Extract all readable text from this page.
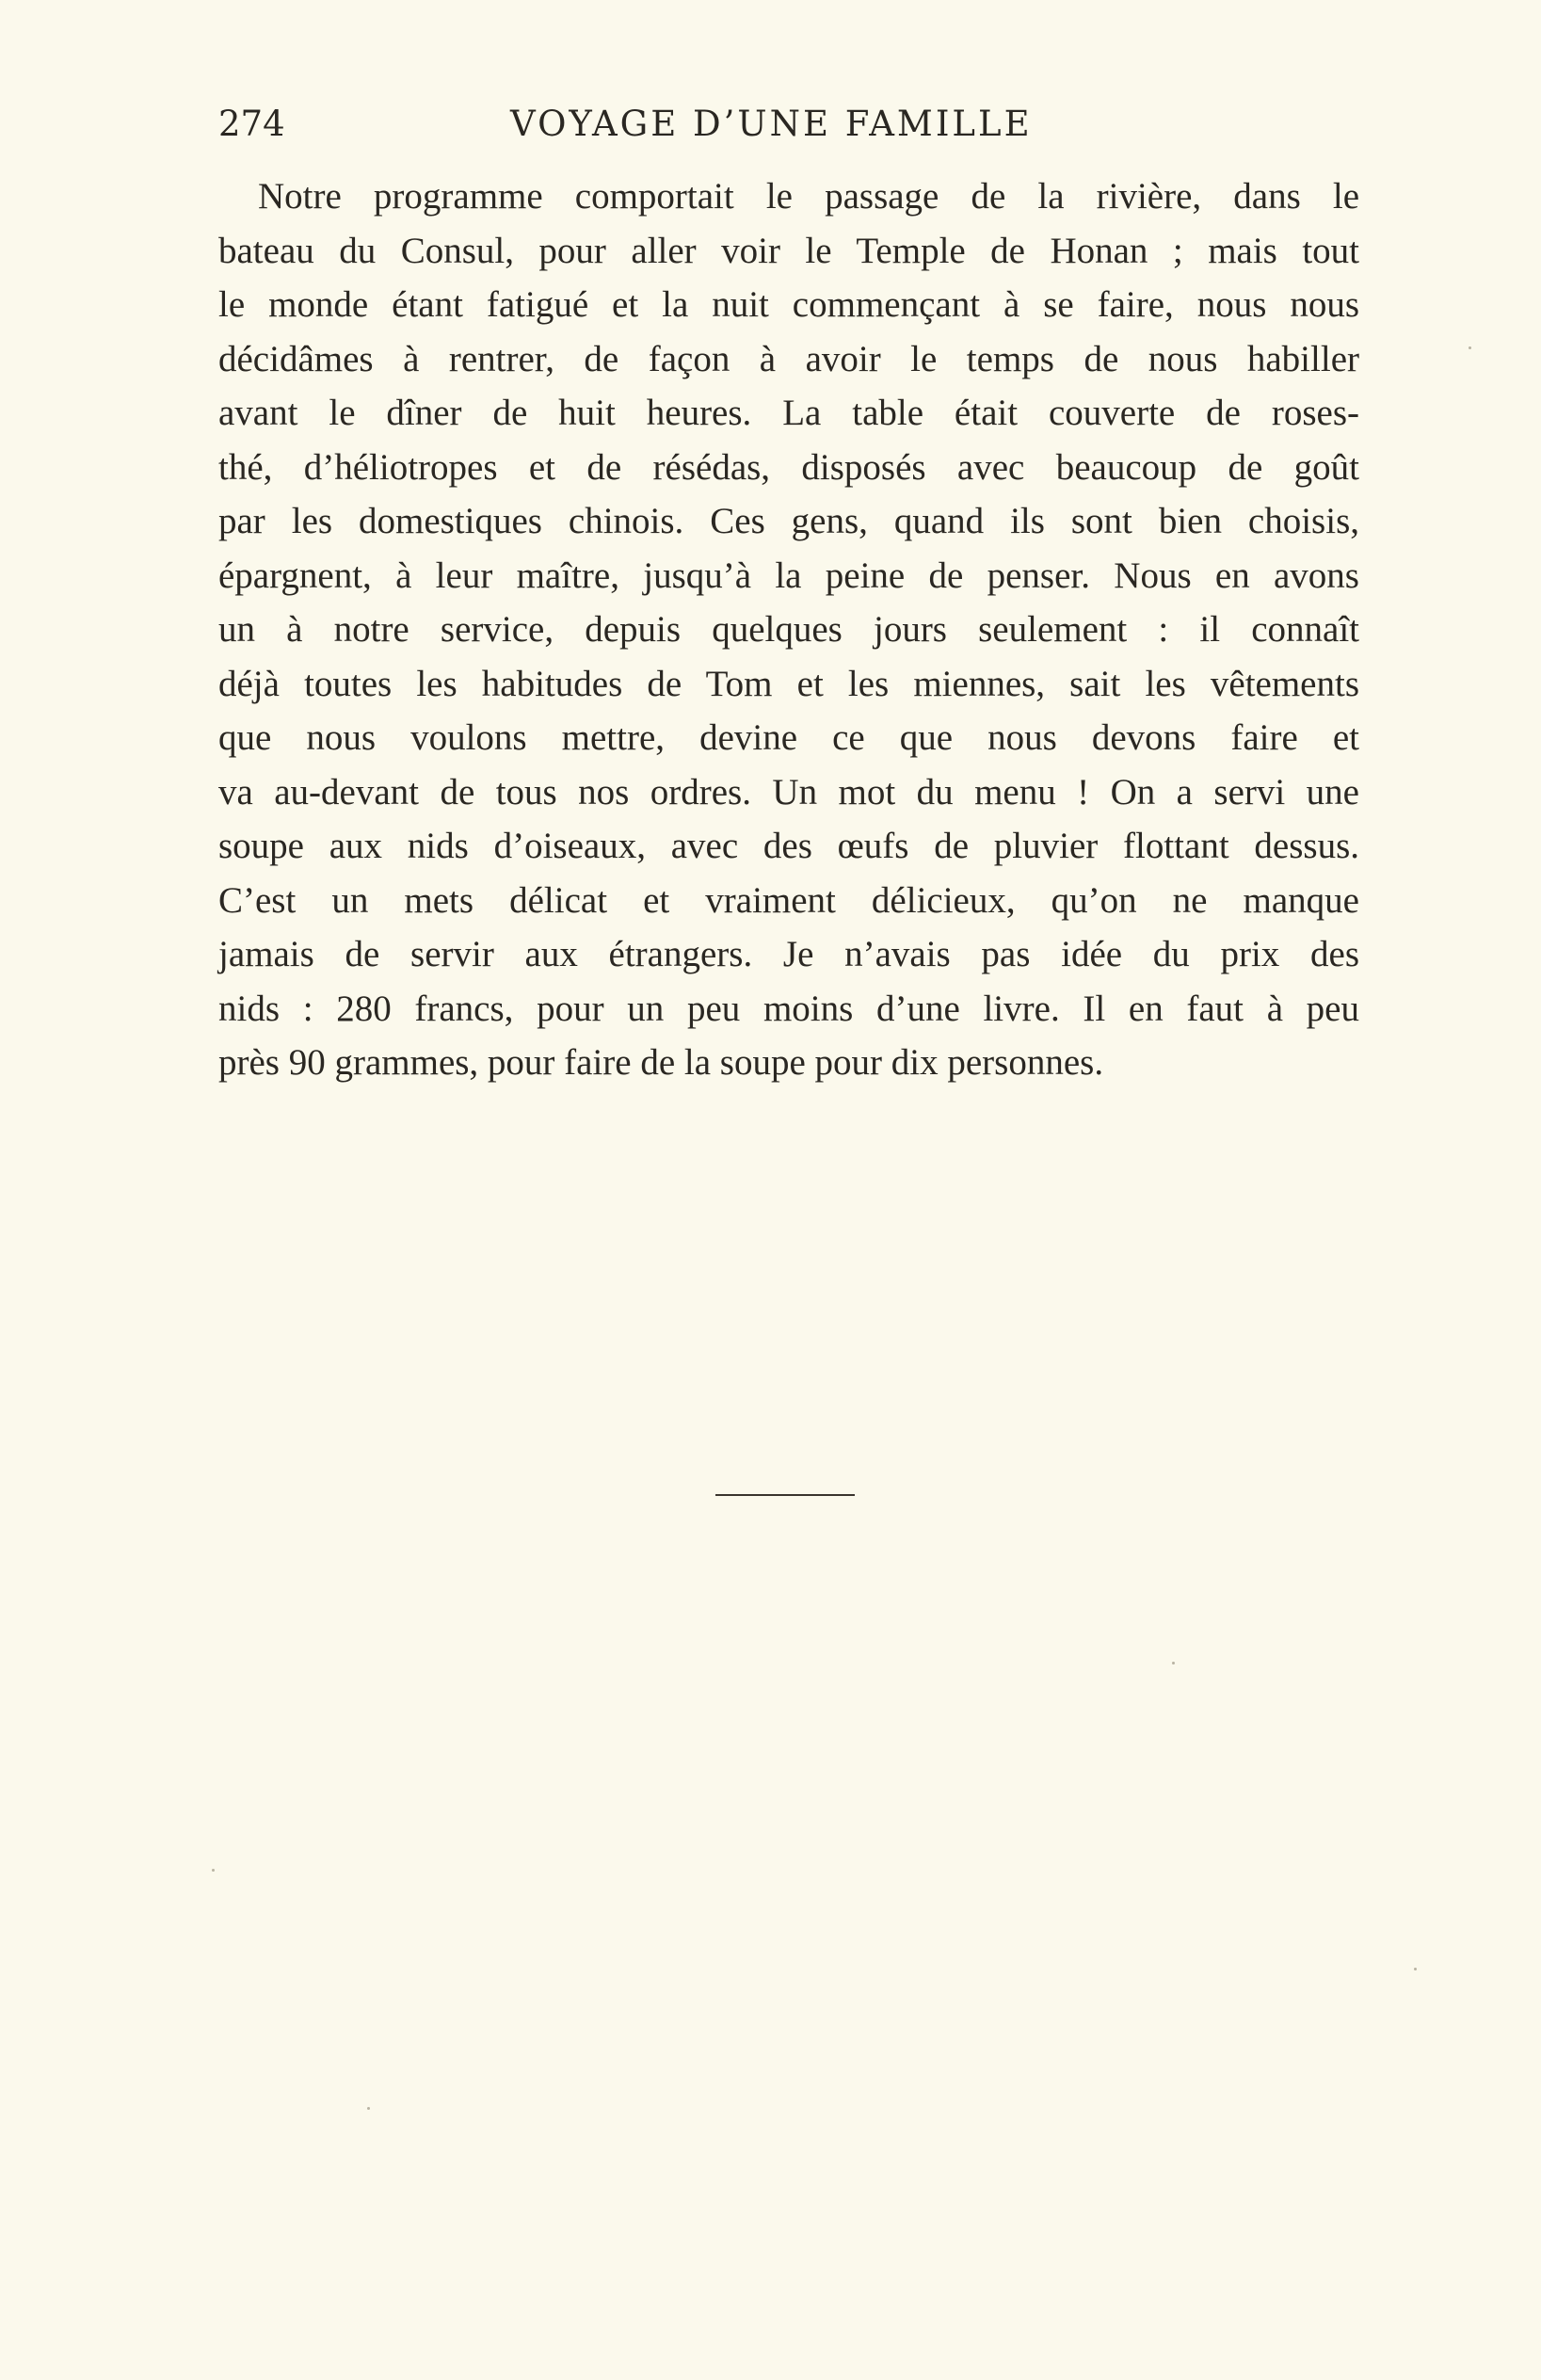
274	VOYAGE D’UNE FAMILLE
Notre programme comportait le passage de la rivière, dans le
bateau du Consul, pour aller voir le Temple de Honan ; mais tout
le monde étant fatigué et la nuit commençant à se faire, nous nous
décidâmes à rentrer, de façon à avoir le temps de nous habiller
avant le dîner de huit heures. La table était couverte de roses-
thé, d’héliotropes et de résédas, disposés avec beaucoup de goût
par les domestiques chinois. Ces gens, quand ils sont bien choisis,
épargnent, à leur maître, jusqu’à la peine de penser. Nous en avons
un à notre service, depuis quelques jours seulement : il connaît
déjà toutes les habitudes de Tom et les miennes, sait les vêtements
que nous voulons mettre, devine ce que nous devons faire et
va au-devant de tous nos ordres. Un mot du menu ! On a servi une
soupe aux nids d’oiseaux, avec des œufs de pluvier flottant dessus.
C’est un mets délicat et vraiment délicieux, qu’on ne manque
jamais de servir aux étrangers. Je n’avais pas idée du prix des
nids : 280 francs, pour un peu moins d’une livre. Il en faut à peu
près 90 grammes, pour faire de la soupe pour dix personnes.
